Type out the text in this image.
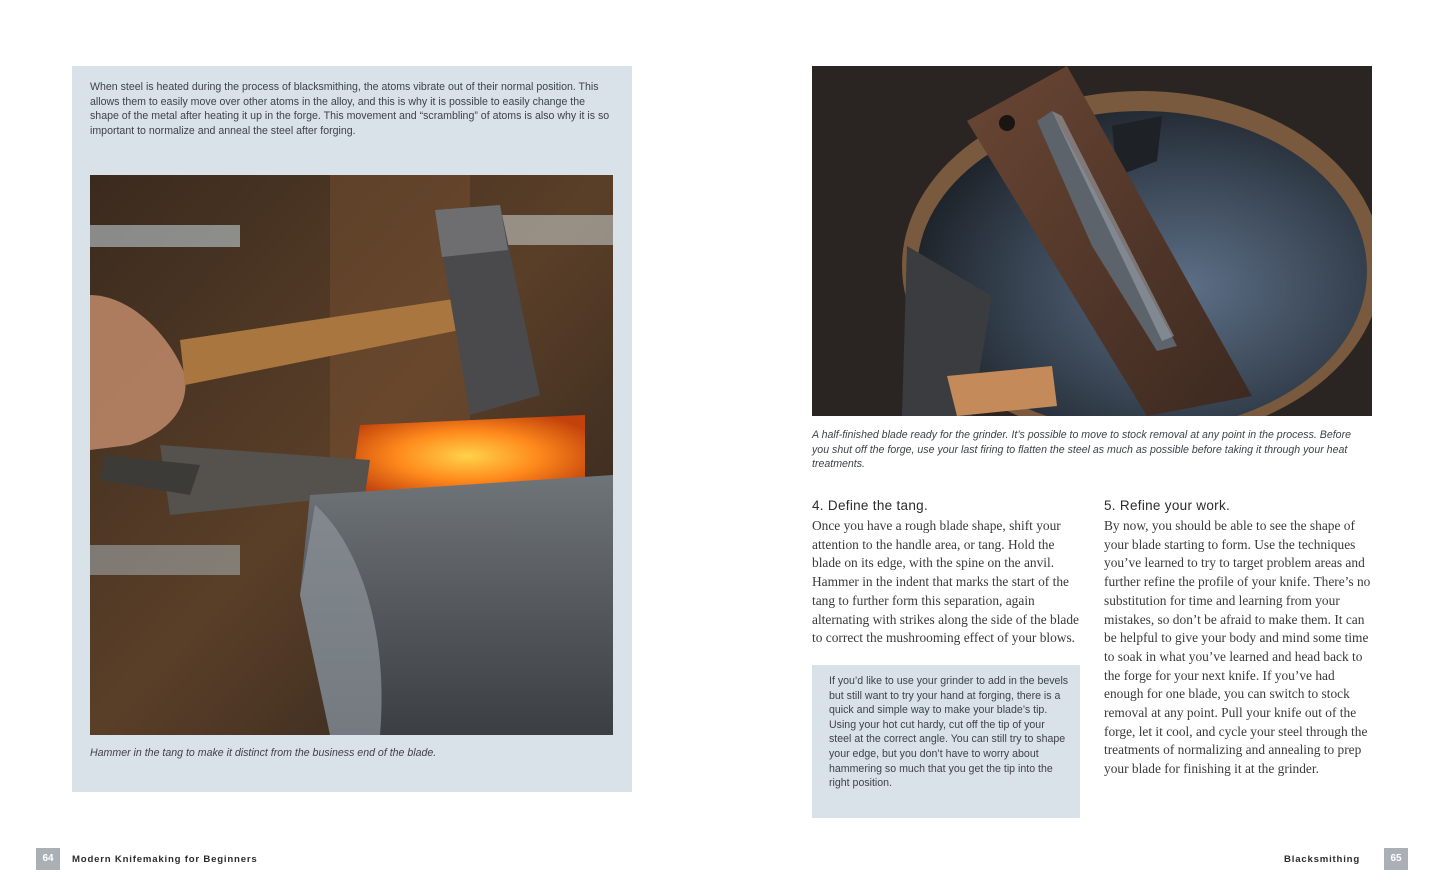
When steel is heated during the process of blacksmithing, the atoms vibrate out of their normal position. This allows them to easily move over other atoms in the alloy, and this is why it is possible to easily change the shape of the metal after heating it up in the forge. This movement and “scrambling” of atoms is also why it is so important to normalize and anneal the steel after forging.

Hammer in the tang to make it distinct from the business end of the blade.

64	Modern Knifemaking for Beginners

A half-finished blade ready for the grinder. It’s possible to move to stock removal at any point in the process. Before you shut off the forge, use your last firing to flatten the steel as much as possible before taking it through your heat treatments.

4. Define the tang.

Once you have a rough blade shape, shift your attention to the handle area, or tang. Hold the blade on its edge, with the spine on the anvil. Hammer in the indent that marks the start of the tang to further form this separation, again alternating with strikes along the side of the blade to correct the mushrooming effect of your blows.

If you’d like to use your grinder to add in the bevels but still want to try your hand at forging, there is a quick and simple way to make your blade’s tip. Using your hot cut hardy, cut off the tip of your steel at the correct angle. You can still try to shape your edge, but you don’t have to worry about hammering so much that you get the tip into the right position.

5. Refine your work.

By now, you should be able to see the shape of your blade starting to form. Use the techniques you’ve learned to try to target problem areas and further refine the profile of your knife. There’s no substitution for time and learning from your mistakes, so don’t be afraid to make them. It can be helpful to give your body and mind some time to soak in what you’ve learned and head back to the forge for your next knife. If you’ve had enough for one blade, you can switch to stock removal at any point. Pull your knife out of the forge, let it cool, and cycle your steel through the treatments of normalizing and annealing to prep your blade for finishing it at the grinder.

Blacksmithing	65
